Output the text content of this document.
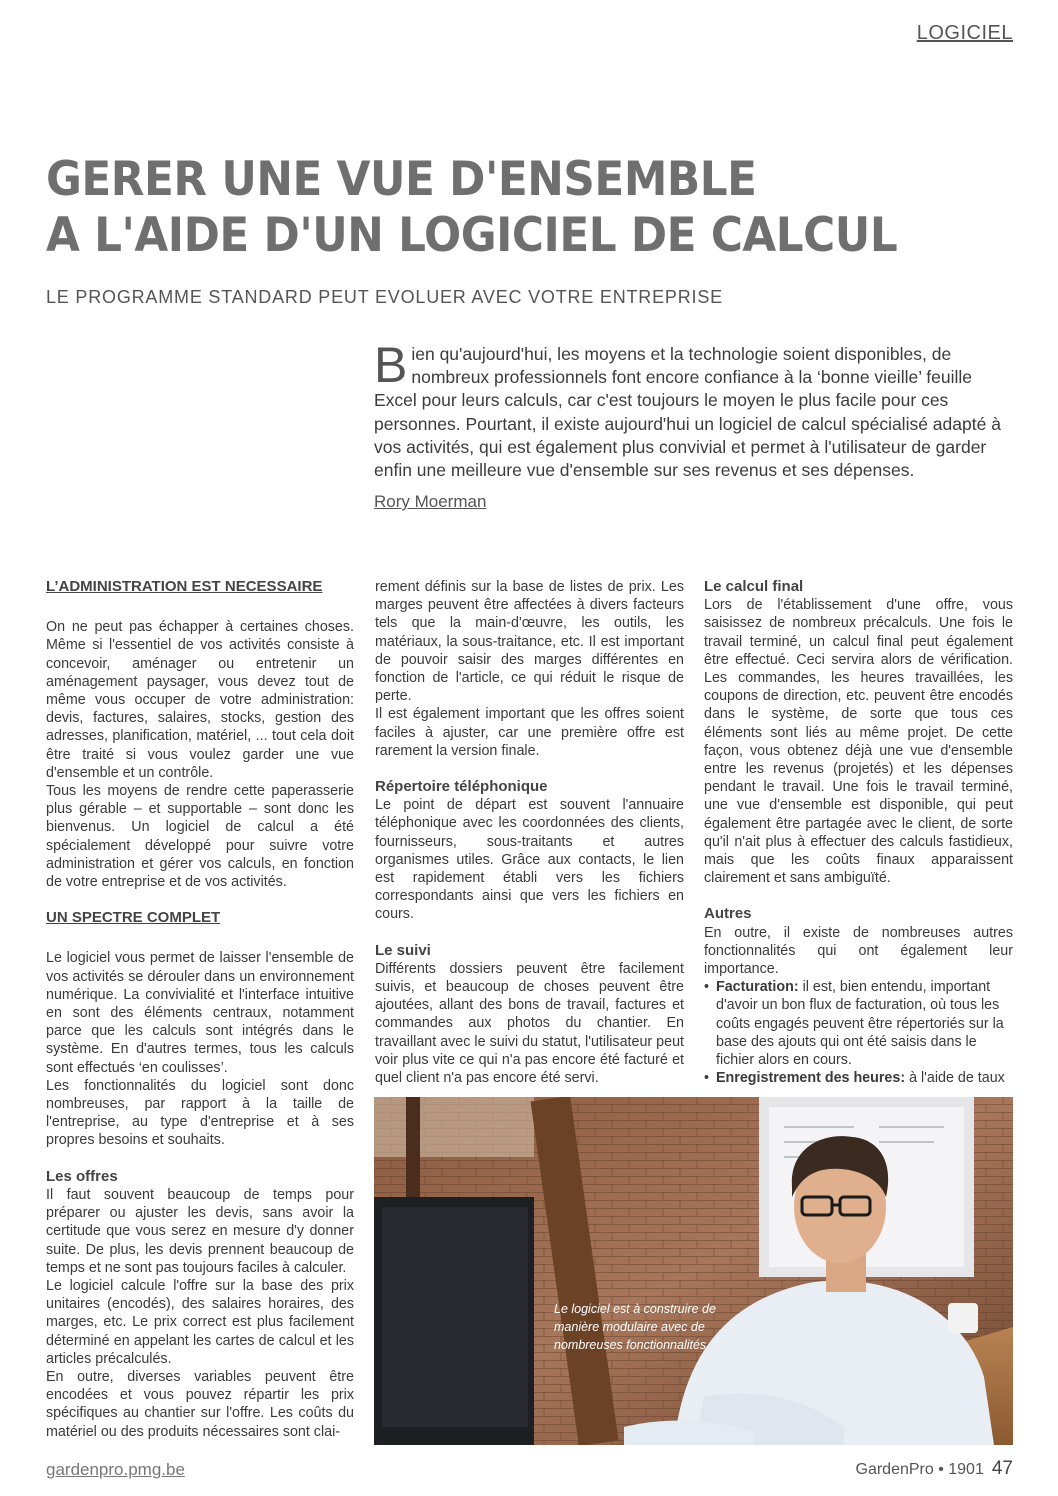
LOGICIEL
GERER UNE VUE D'ENSEMBLE
A L'AIDE D'UN LOGICIEL DE CALCUL
LE PROGRAMME STANDARD PEUT EVOLUER AVEC VOTRE ENTREPRISE

Bien qu'aujourd'hui, les moyens et la technologie soient disponibles, de nombreux professionnels font encore confiance à la ‘bonne vieille’ feuille Excel pour leurs calculs, car c'est toujours le moyen le plus facile pour ces personnes. Pourtant, il existe aujourd'hui un logiciel de calcul spécialisé adapté à vos activités, qui est également plus convivial et permet à l'utilisateur de garder enfin une meilleure vue d'ensemble sur ses revenus et ses dépenses.

Rory Moerman
L’ADMINISTRATION EST NECESSAIRE

On ne peut pas échapper à certaines choses. Même si l'essentiel de vos activités consiste à concevoir, aménager ou entretenir un aménagement paysager, vous devez tout de même vous occuper de votre administration: devis, factures, salaires, stocks, gestion des adresses, planification, matériel, ... tout cela doit être traité si vous voulez garder une vue d'ensemble et un contrôle.

Tous les moyens de rendre cette paperasserie plus gérable – et supportable – sont donc les bienvenus. Un logiciel de calcul a été spécialement développé pour suivre votre administration et gérer vos calculs, en fonction de votre entreprise et de vos activités.

UN SPECTRE COMPLET

Le logiciel vous permet de laisser l'ensemble de vos activités se dérouler dans un environnement numérique. La convivialité et l'interface intuitive en sont des éléments centraux, notamment parce que les calculs sont intégrés dans le système. En d'autres termes, tous les calculs sont effectués ‘en coulisses’.

Les fonctionnalités du logiciel sont donc nombreuses, par rapport à la taille de l'entreprise, au type d'entreprise et à ses propres besoins et souhaits.

Les offres

Il faut souvent beaucoup de temps pour préparer ou ajuster les devis, sans avoir la certitude que vous serez en mesure d'y donner suite. De plus, les devis prennent beaucoup de temps et ne sont pas toujours faciles à calculer.

Le logiciel calcule l'offre sur la base des prix unitaires (encodés), des salaires horaires, des marges, etc. Le prix correct est plus facilement déterminé en appelant les cartes de calcul et les articles précalculés.

En outre, diverses variables peuvent être encodées et vous pouvez répartir les prix spécifiques au chantier sur l'offre. Les coûts du matériel ou des produits nécessaires sont clai-

rement définis sur la base de listes de prix. Les marges peuvent être affectées à divers facteurs tels que la main-d'œuvre, les outils, les matériaux, la sous-traitance, etc. Il est important de pouvoir saisir des marges différentes en fonction de l'article, ce qui réduit le risque de perte.

Il est également important que les offres soient faciles à ajuster, car une première offre est rarement la version finale.

Répertoire téléphonique

Le point de départ est souvent l'annuaire téléphonique avec les coordonnées des clients, fournisseurs, sous-traitants et autres organismes utiles. Grâce aux contacts, le lien est rapidement établi vers les fichiers correspondants ainsi que vers les fichiers en cours.

Le suivi

Différents dossiers peuvent être facilement suivis, et beaucoup de choses peuvent être ajoutées, allant des bons de travail, factures et commandes aux photos du chantier. En travaillant avec le suivi du statut, l'utilisateur peut voir plus vite ce qui n'a pas encore été facturé et quel client n'a pas encore été servi.

Le calcul final

Lors de l'établissement d'une offre, vous saisissez de nombreux précalculs. Une fois le travail terminé, un calcul final peut également être effectué. Ceci servira alors de vérification. Les commandes, les heures travaillées, les coupons de direction, etc. peuvent être encodés dans le système, de sorte que tous ces éléments sont liés au même projet. De cette façon, vous obtenez déjà une vue d'ensemble entre les revenus (projetés) et les dépenses pendant le travail. Une fois le travail terminé, une vue d'ensemble est disponible, qui peut également être partagée avec le client, de sorte qu'il n'ait plus à effectuer des calculs fastidieux, mais que les coûts finaux apparaissent clairement et sans ambiguïté.

Autres

En outre, il existe de nombreuses autres fonctionnalités qui ont également leur importance.

• Facturation: il est, bien entendu, important d'avoir un bon flux de facturation, où tous les coûts engagés peuvent être répertoriés sur la base des ajouts qui ont été saisis dans le fichier alors en cours.
• Enregistrement des heures: à l'aide de taux
Le logiciel est à construire de manière modulaire avec de nombreuses fonctionnalités
gardenpro.pmg.be	GardenPro • 1901 47
